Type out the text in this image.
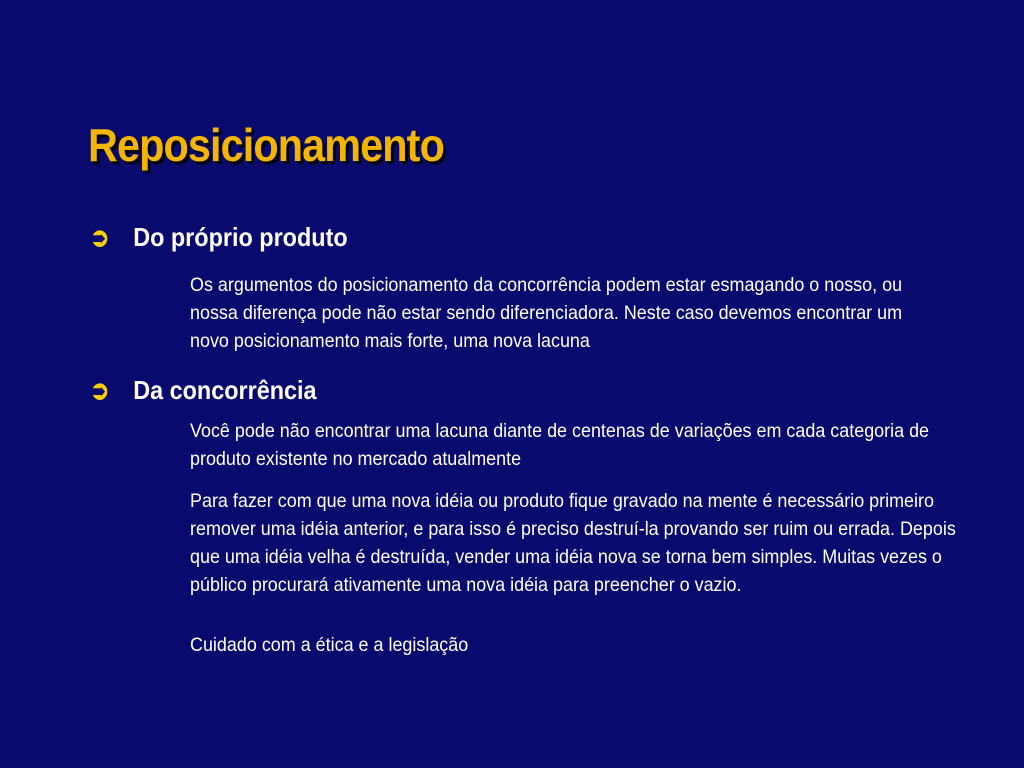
Reposicionamento
➲ Do próprio produto
Os argumentos do posicionamento da concorrência podem estar esmagando o nosso, ou nossa diferença pode não estar sendo diferenciadora. Neste caso devemos encontrar um novo posicionamento mais forte, uma nova lacuna
➲ Da concorrência
Você pode não encontrar uma lacuna diante de centenas de variações em cada categoria de produto existente no mercado atualmente
Para fazer com que uma nova idéia ou produto fique gravado na mente é necessário primeiro remover uma idéia anterior, e para isso é preciso destruí-la provando ser ruim ou errada. Depois que uma idéia velha é destruída, vender uma idéia nova se torna bem simples. Muitas vezes o público procurará ativamente uma nova idéia para preencher o vazio.
Cuidado com a ética e a legislação
